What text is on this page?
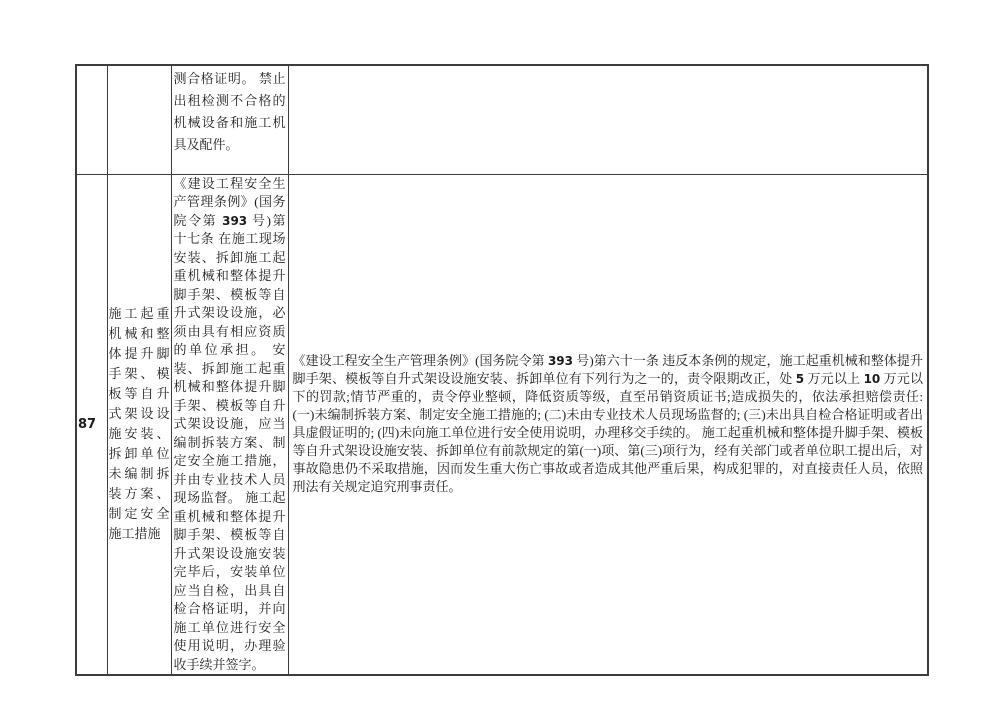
		测合格证明。 禁止出租检测不合格的机械设备和施工机具及配件。	
87	施工起重机械和整体提升脚手架、模板等自升式架设设施安装、拆卸单位未编制拆装方案、制定安全施工措施	《建设工程安全生产管理条例》(国务院令第 393 号)第十七条 在施工现场安装、拆卸施工起重机械和整体提升脚手架、模板等自升式架设设施，必须由具有相应资质的单位承担。 安装、拆卸施工起重机械和整体提升脚手架、模板等自升式架设设施，应当编制拆装方案、制定安全施工措施，并由专业技术人员现场监督。 施工起重机械和整体提升脚手架、模板等自升式架设设施安装完毕后，安装单位应当自检，出具自检合格证明，并向施工单位进行安全使用说明，办理验收手续并签字。	《建设工程安全生产管理条例》(国务院令第 393 号)第六十一条 违反本条例的规定，施工起重机械和整体提升脚手架、模板等自升式架设设施安装、拆卸单位有下列行为之一的，责令限期改正，处 5 万元以上 10 万元以下的罚款;情节严重的，责令停业整顿，降低资质等级，直至吊销资质证书;造成损失的，依法承担赔偿责任: (一)未编制拆装方案、制定安全施工措施的; (二)未由专业技术人员现场监督的; (三)未出具自检合格证明或者出具虚假证明的; (四)未向施工单位进行安全使用说明，办理移交手续的。 施工起重机械和整体提升脚手架、模板等自升式架设设施安装、拆卸单位有前款规定的第(一)项、第(三)项行为，经有关部门或者单位职工提出后，对事故隐患仍不采取措施，因而发生重大伤亡事故或者造成其他严重后果，构成犯罪的，对直接责任人员，依照刑法有关规定追究刑事责任。
